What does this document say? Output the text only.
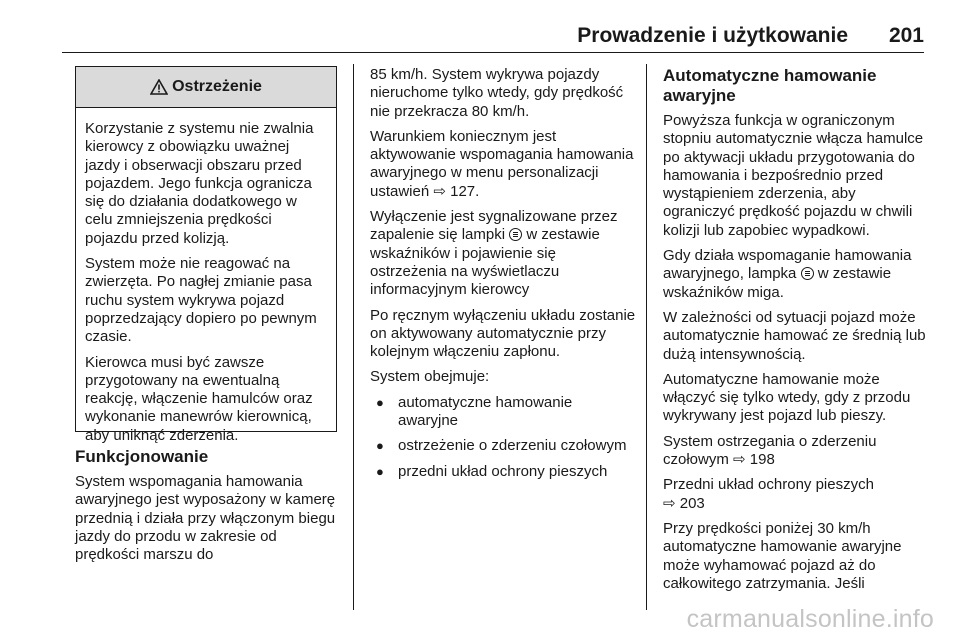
Prowadzenie i użytkowanie 201
Ostrzeżenie

Korzystanie z systemu nie zwalnia kierowcy z obowiązku uważnej jazdy i obserwacji obszaru przed pojazdem. Jego funkcja ogranicza się do działania dodatkowego w celu zmniejszenia prędkości pojazdu przed kolizją.

System może nie reagować na zwierzęta. Po nagłej zmianie pasa ruchu system wykrywa pojazd poprzedzający dopiero po pewnym czasie.

Kierowca musi być zawsze przygotowany na ewentualną reakcję, włączenie hamulców oraz wykonanie manewrów kierownicą, aby uniknąć zderzenia.

Funkcjonowanie

System wspomagania hamowania awaryjnego jest wyposażony w kamerę przednią i działa przy włączonym biegu jazdy do przodu w zakresie od prędkości marszu do

85 km/h. System wykrywa pojazdy nieruchome tylko wtedy, gdy prędkość nie przekracza 80 km/h.

Warunkiem koniecznym jest aktywowanie wspomagania hamowania awaryjnego w menu personalizacji ustawień ⇨ 127.

Wyłączenie jest sygnalizowane przez zapalenie się lampki w zestawie wskaźników i pojawienie się ostrzeżenia na wyświetlaczu informacyjnym kierowcy

Po ręcznym wyłączeniu układu zostanie on aktywowany automatycznie przy kolejnym włączeniu zapłonu.

System obejmuje:

● automatyczne hamowanie awaryjne
● ostrzeżenie o zderzeniu czołowym
● przedni układ ochrony pieszych
Automatyczne hamowanie awaryjne

Powyższa funkcja w ograniczonym stopniu automatycznie włącza hamulce po aktywacji układu przygotowania do hamowania i bezpośrednio przed wystąpieniem zderzenia, aby ograniczyć prędkość pojazdu w chwili kolizji lub zapobiec wypadkowi.

Gdy działa wspomaganie hamowania awaryjnego, lampka w zestawie wskaźników miga.

W zależności od sytuacji pojazd może automatycznie hamować ze średnią lub dużą intensywnością.

Automatyczne hamowanie może włączyć się tylko wtedy, gdy z przodu wykrywany jest pojazd lub pieszy.

System ostrzegania o zderzeniu czołowym ⇨ 198

Przedni układ ochrony pieszych
⇨ 203

Przy prędkości poniżej 30 km/h automatyczne hamowanie awaryjne może wyhamować pojazd aż do całkowitego zatrzymania. Jeśli

carmanualsonline.info
